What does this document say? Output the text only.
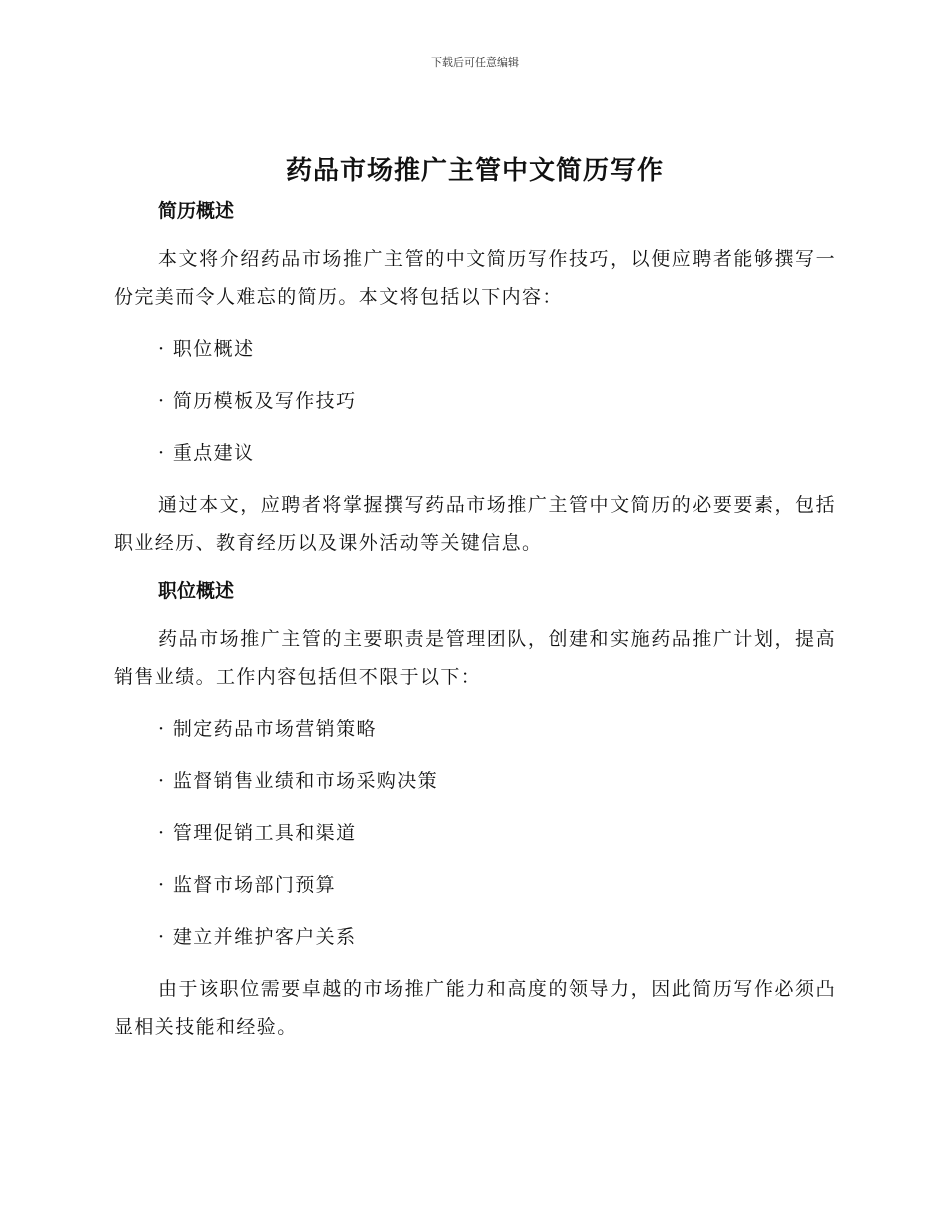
下载后可任意编辑
药品市场推广主管中文简历写作
简历概述

本文将介绍药品市场推广主管的中文简历写作技巧，以便应聘者能够撰写一份完美而令人难忘的简历。本文将包括以下内容：

· 职位概述

· 简历模板及写作技巧

· 重点建议

通过本文，应聘者将掌握撰写药品市场推广主管中文简历的必要要素，包括职业经历、教育经历以及课外活动等关键信息。

职位概述

药品市场推广主管的主要职责是管理团队，创建和实施药品推广计划，提高销售业绩。工作内容包括但不限于以下：

· 制定药品市场营销策略

· 监督销售业绩和市场采购决策

· 管理促销工具和渠道

· 监督市场部门预算

· 建立并维护客户关系

由于该职位需要卓越的市场推广能力和高度的领导力，因此简历写作必须凸显相关技能和经验。
